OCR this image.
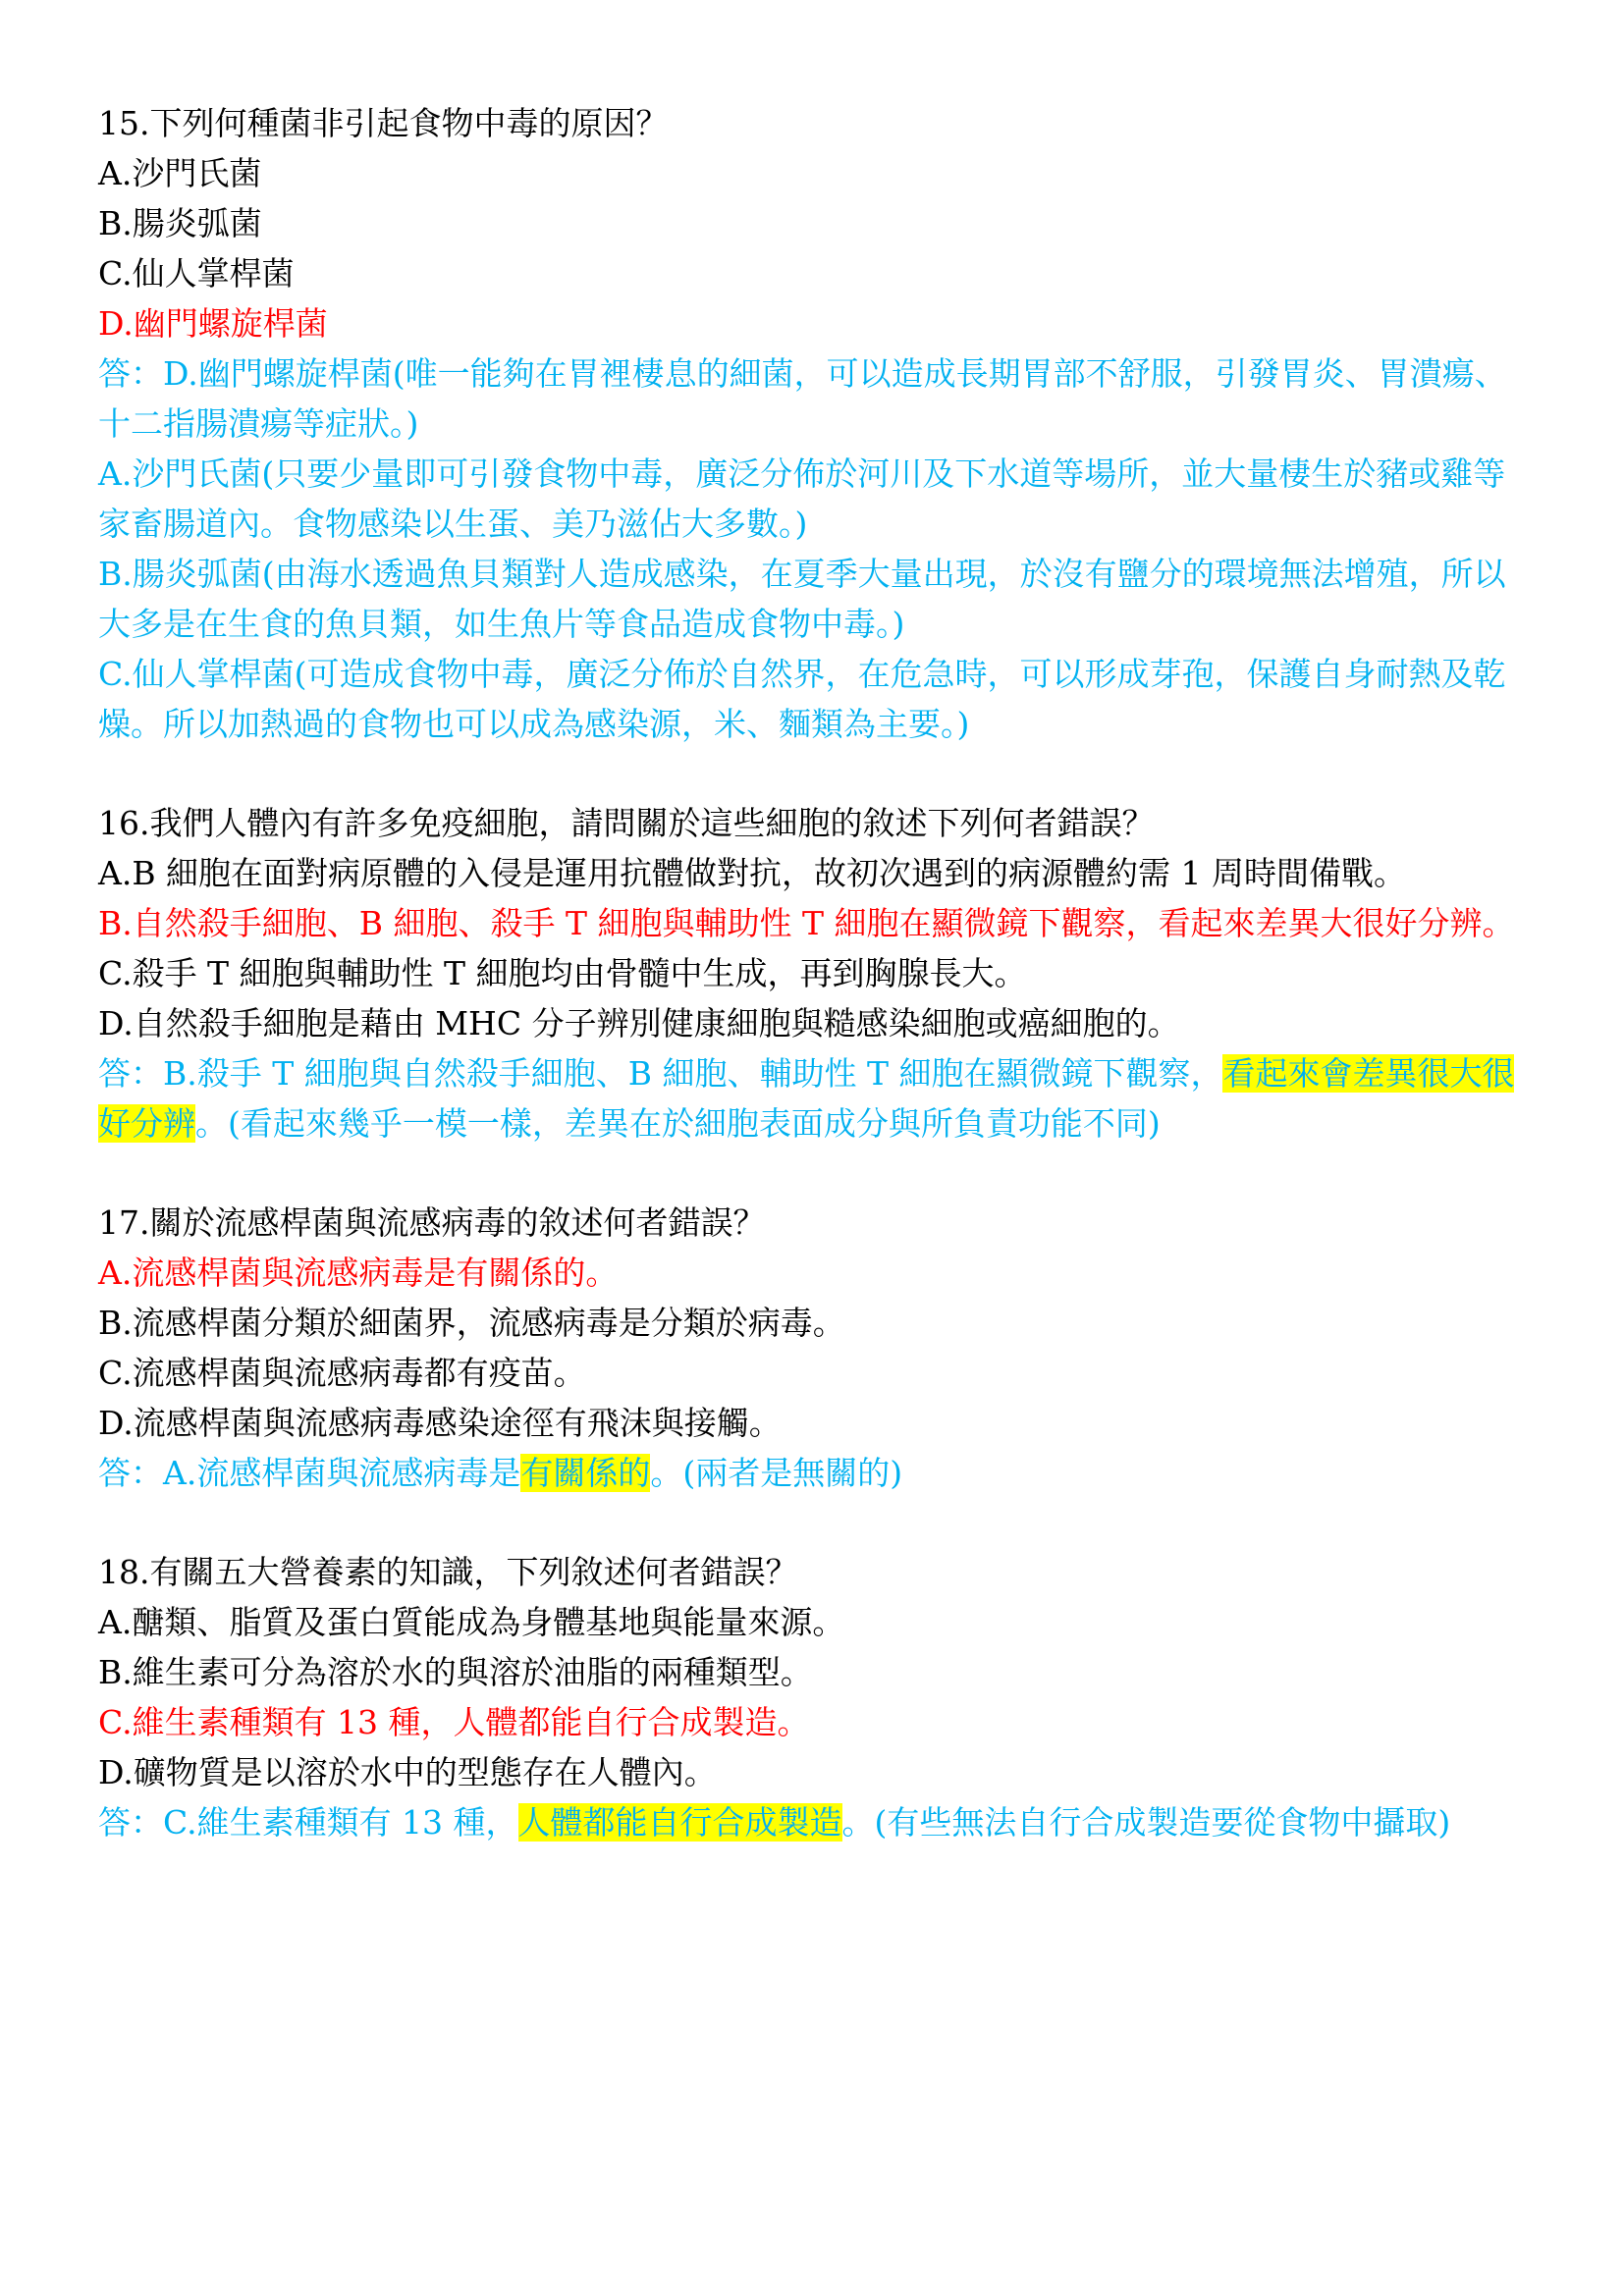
15.下列何種菌非引起食物中毒的原因？

A.沙門氏菌

B.腸炎弧菌

C.仙人掌桿菌

D.幽門螺旋桿菌

答：D.幽門螺旋桿菌(唯一能夠在胃裡棲息的細菌，可以造成長期胃部不舒服，引發胃炎、胃潰瘍、十二指腸潰瘍等症狀。)

A.沙門氏菌(只要少量即可引發食物中毒，廣泛分佈於河川及下水道等場所，並大量棲生於豬或雞等家畜腸道內。食物感染以生蛋、美乃滋佔大多數。)

B.腸炎弧菌(由海水透過魚貝類對人造成感染，在夏季大量出現，於沒有鹽分的環境無法增殖，所以大多是在生食的魚貝類，如生魚片等食品造成食物中毒。)

C.仙人掌桿菌(可造成食物中毒，廣泛分佈於自然界，在危急時，可以形成芽孢，保護自身耐熱及乾燥。所以加熱過的食物也可以成為感染源，米、麵類為主要。)

16.我們人體內有許多免疫細胞，請問關於這些細胞的敘述下列何者錯誤？

A.B 細胞在面對病原體的入侵是運用抗體做對抗，故初次遇到的病源體約需 1 周時間備戰。

B.自然殺手細胞、B 細胞、殺手 T 細胞與輔助性 T 細胞在顯微鏡下觀察，看起來差異大很好分辨。

C.殺手 T 細胞與輔助性 T 細胞均由骨髓中生成，再到胸腺長大。

D.自然殺手細胞是藉由 MHC 分子辨別健康細胞與糙感染細胞或癌細胞的。

答：B.殺手 T 細胞與自然殺手細胞、B 細胞、輔助性 T 細胞在顯微鏡下觀察，看起來會差異很大很好分辨。(看起來幾乎一模一樣，差異在於細胞表面成分與所負責功能不同)

17.關於流感桿菌與流感病毒的敘述何者錯誤？

A.流感桿菌與流感病毒是有關係的。

B.流感桿菌分類於細菌界，流感病毒是分類於病毒。

C.流感桿菌與流感病毒都有疫苗。

D.流感桿菌與流感病毒感染途徑有飛沫與接觸。

答：A.流感桿菌與流感病毒是有關係的。(兩者是無關的)

18.有關五大營養素的知識，下列敘述何者錯誤？

A.醣類、脂質及蛋白質能成為身體基地與能量來源。

B.維生素可分為溶於水的與溶於油脂的兩種類型。

C.維生素種類有 13 種，人體都能自行合成製造。

D.礦物質是以溶於水中的型態存在人體內。

答：C.維生素種類有 13 種，人體都能自行合成製造。(有些無法自行合成製造要從食物中攝取)
